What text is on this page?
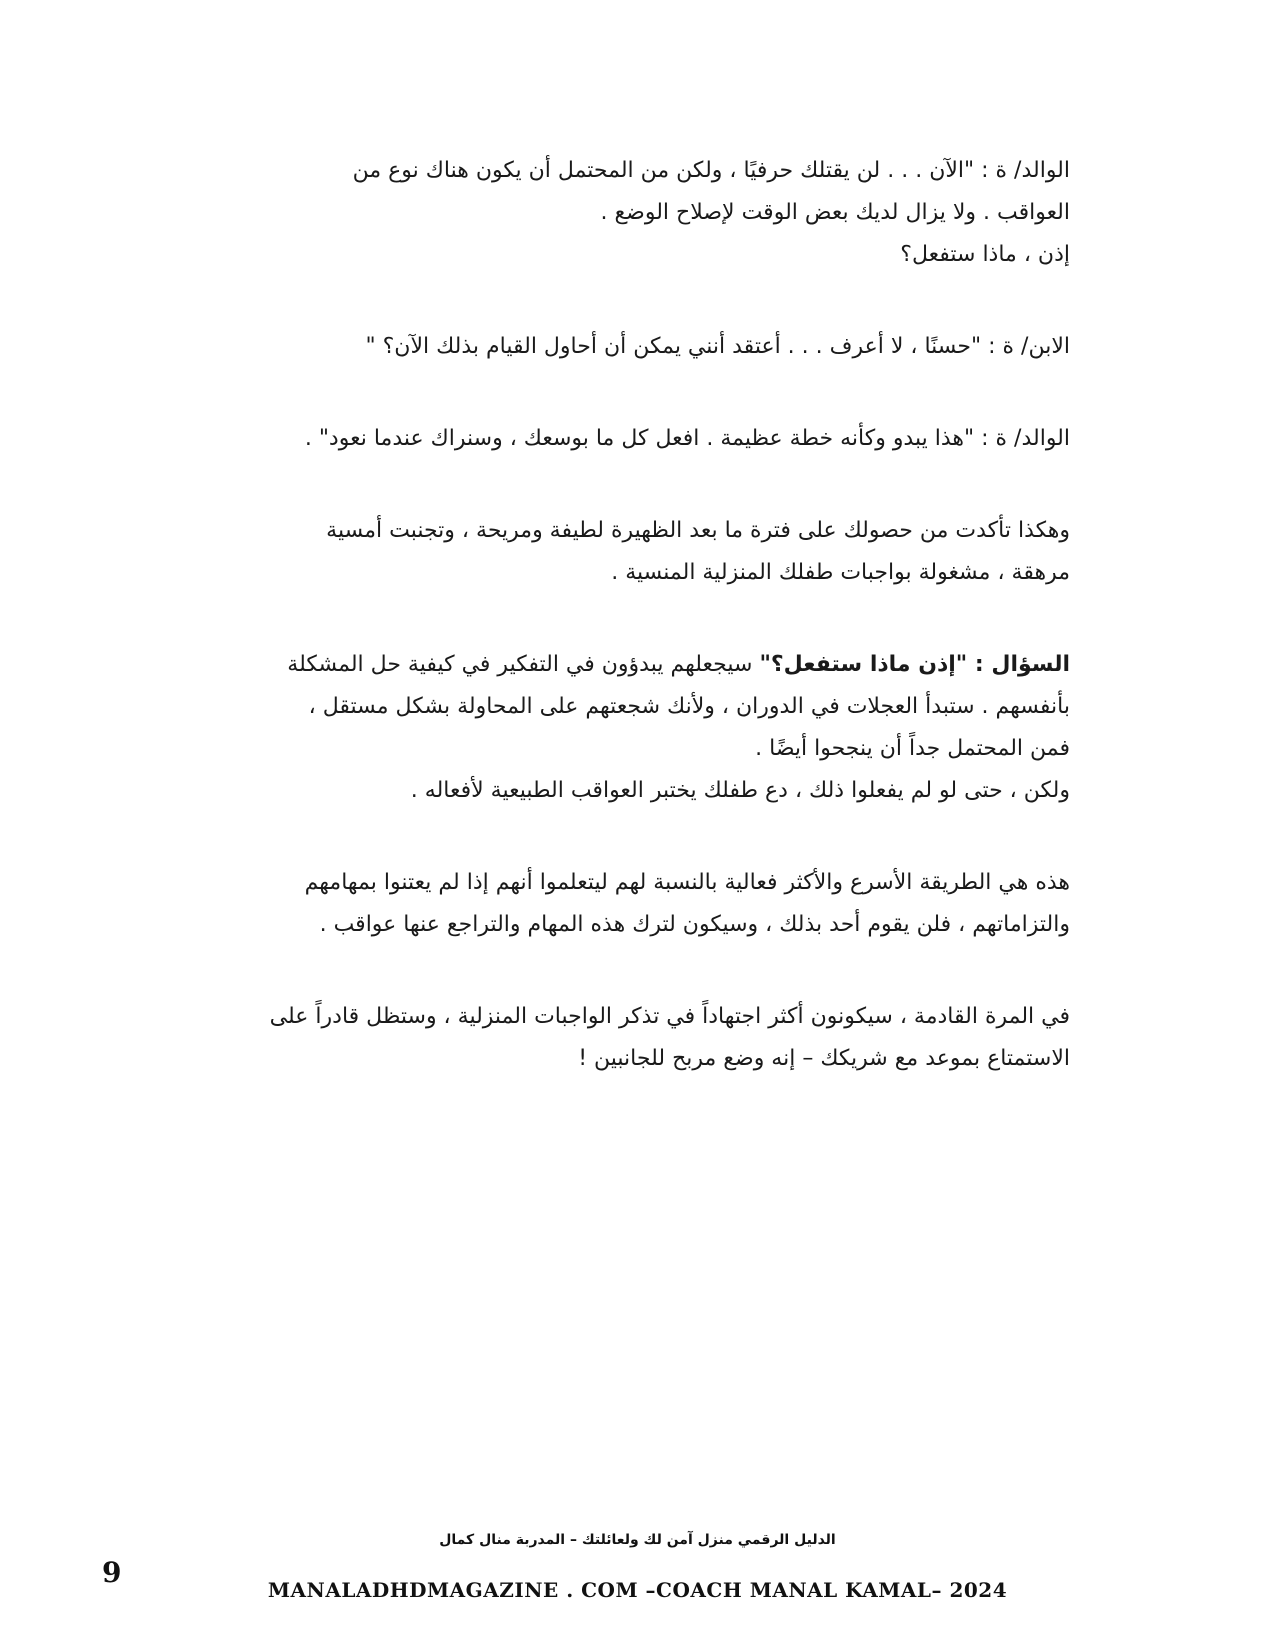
الوالد/ ة : "الآن . . . لن يقتلك حرفيًا ، ولكن من المحتمل أن يكون هناك نوع من
العواقب . ولا يزال لديك بعض الوقت لإصلاح الوضع .
إذن ، ماذا ستفعل؟

الابن/ ة : "حسنًا ، لا أعرف . . . أعتقد أنني يمكن أن أحاول القيام بذلك الآن؟ "

الوالد/ ة : "هذا يبدو وكأنه خطة عظيمة . افعل كل ما بوسعك ، وسنراك عندما نعود" .

وهكذا تأكدت من حصولك على فترة ما بعد الظهيرة لطيفة ومريحة ، وتجنبت أمسية
مرهقة ، مشغولة بواجبات طفلك المنزلية المنسية .

السؤال : "إذن ماذا ستفعل؟" سيجعلهم يبدؤون في التفكير في كيفية حل المشكلة
بأنفسهم . ستبدأ العجلات في الدوران ، ولأنك شجعتهم على المحاولة بشكل مستقل ،
فمن المحتمل جداً أن ينجحوا أيضًا .
ولكن ، حتى لو لم يفعلوا ذلك ، دع طفلك يختبر العواقب الطبيعية لأفعاله .

هذه هي الطريقة الأسرع والأكثر فعالية بالنسبة لهم ليتعلموا أنهم إذا لم يعتنوا بمهامهم
والتزاماتهم ، فلن يقوم أحد بذلك ، وسيكون لترك هذه المهام والتراجع عنها عواقب .

في المرة القادمة ، سيكونون أكثر اجتهاداً في تذكر الواجبات المنزلية ، وستظل قادراً على
الاستمتاع بموعد مع شريكك – إنه وضع مربح للجانبين !

الدليل الرقمي منزل آمن لك ولعائلتك – المدربة منال كمال
MANALADHDMAGAZINE . COM –COACH MANAL KAMAL– 2024
9
